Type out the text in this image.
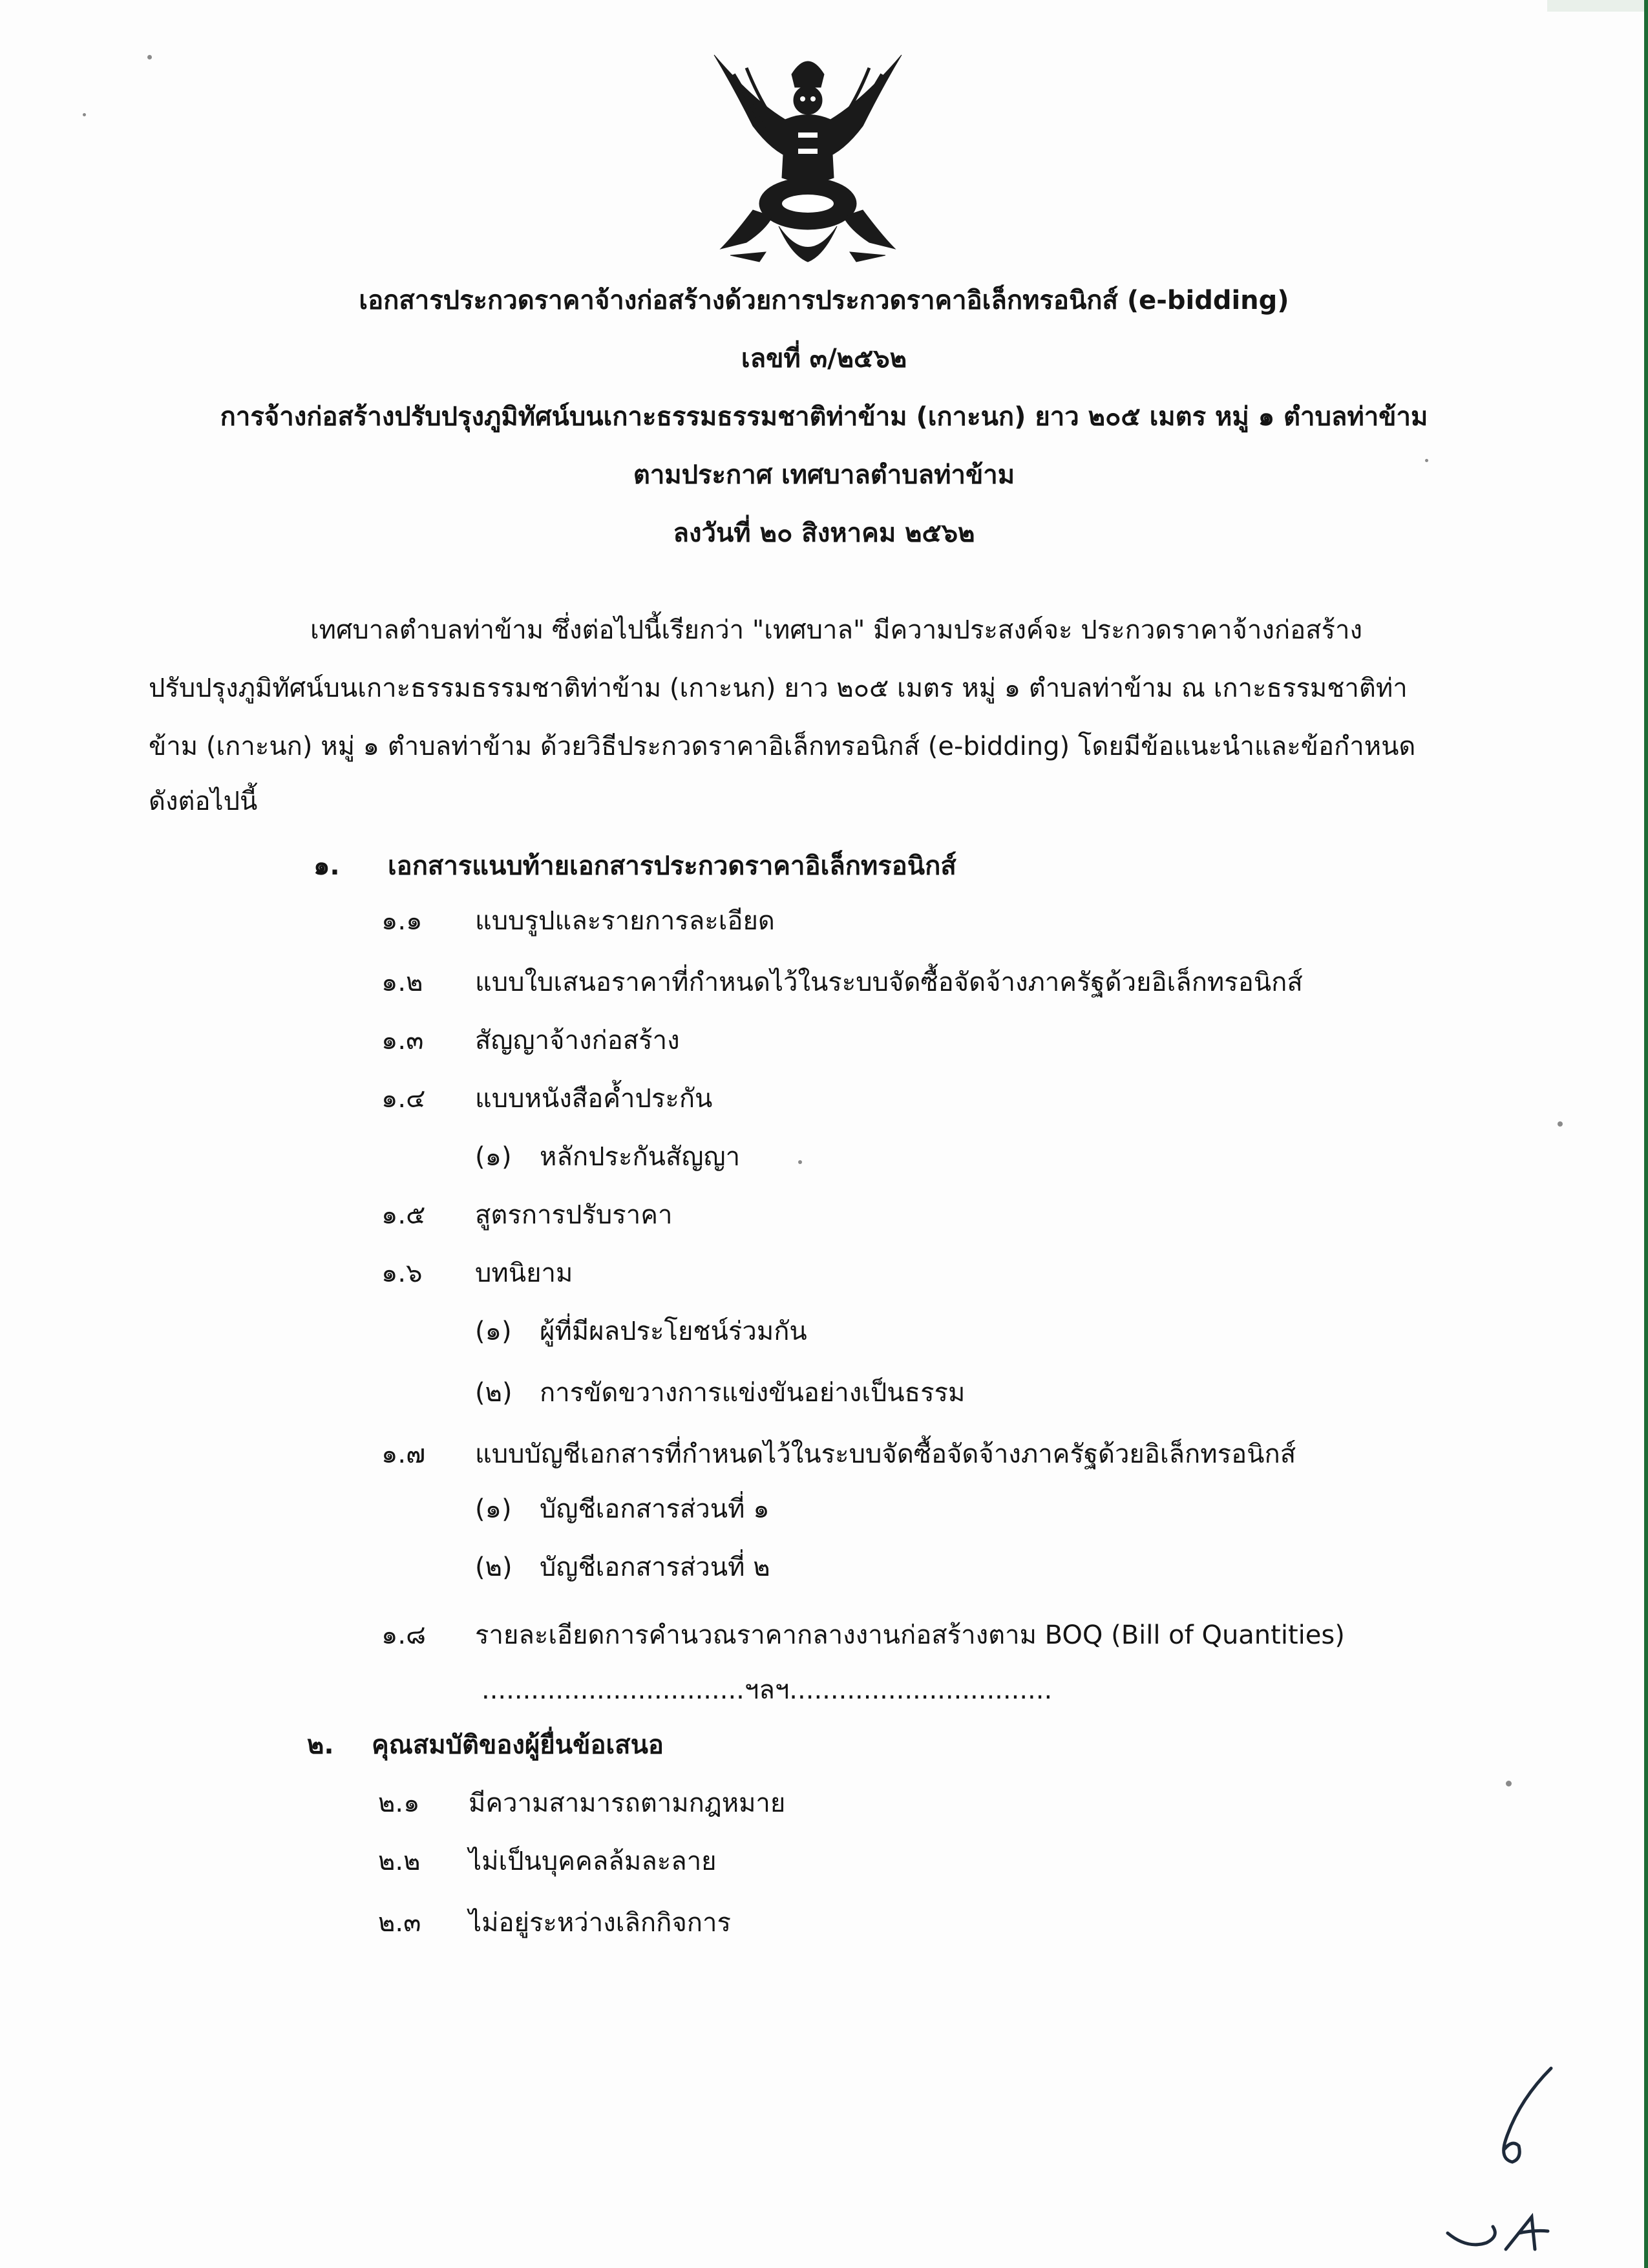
เอกสารประกวดราคาจ้างก่อสร้างด้วยการประกวดราคาอิเล็กทรอนิกส์ (e-bidding)
เลขที่ ๓/๒๕๖๒
การจ้างก่อสร้างปรับปรุงภูมิทัศน์บนเกาะธรรมธรรมชาติท่าข้าม (เกาะนก) ยาว ๒๐๕ เมตร หมู่ ๑ ตำบลท่าข้าม
ตามประกาศ เทศบาลตำบลท่าข้าม
ลงวันที่ ๒๐ สิงหาคม ๒๕๖๒
เทศบาลตำบลท่าข้าม ซึ่งต่อไปนี้เรียกว่า "เทศบาล" มีความประสงค์จะ ประกวดราคาจ้างก่อสร้าง
ปรับปรุงภูมิทัศน์บนเกาะธรรมธรรมชาติท่าข้าม (เกาะนก) ยาว ๒๐๕ เมตร หมู่ ๑ ตำบลท่าข้าม ณ เกาะธรรมชาติท่า
ข้าม (เกาะนก) หมู่ ๑ ตำบลท่าข้าม ด้วยวิธีประกวดราคาอิเล็กทรอนิกส์ (e-bidding) โดยมีข้อแนะนำและข้อกำหนด
ดังต่อไปนี้
๑. เอกสารแนบท้ายเอกสารประกวดราคาอิเล็กทรอนิกส์
๑.๑ แบบรูปและรายการละเอียด
๑.๒ แบบใบเสนอราคาที่กำหนดไว้ในระบบจัดซื้อจัดจ้างภาครัฐด้วยอิเล็กทรอนิกส์
๑.๓ สัญญาจ้างก่อสร้าง
๑.๔ แบบหนังสือค้ำประกัน
(๑) หลักประกันสัญญา
๑.๕ สูตรการปรับราคา
๑.๖ บทนิยาม
(๑) ผู้ที่มีผลประโยชน์ร่วมกัน
(๒) การขัดขวางการแข่งขันอย่างเป็นธรรม
๑.๗ แบบบัญชีเอกสารที่กำหนดไว้ในระบบจัดซื้อจัดจ้างภาครัฐด้วยอิเล็กทรอนิกส์
(๑) บัญชีเอกสารส่วนที่ ๑
(๒) บัญชีเอกสารส่วนที่ ๒
๑.๘ รายละเอียดการคำนวณราคากลางงานก่อสร้างตาม BOQ (Bill of Quantities)
................................ฯลฯ................................
๒. คุณสมบัติของผู้ยื่นข้อเสนอ
๒.๑ มีความสามารถตามกฎหมาย
๒.๒ ไม่เป็นบุคคลล้มละลาย
๒.๓ ไม่อยู่ระหว่างเลิกกิจการ
